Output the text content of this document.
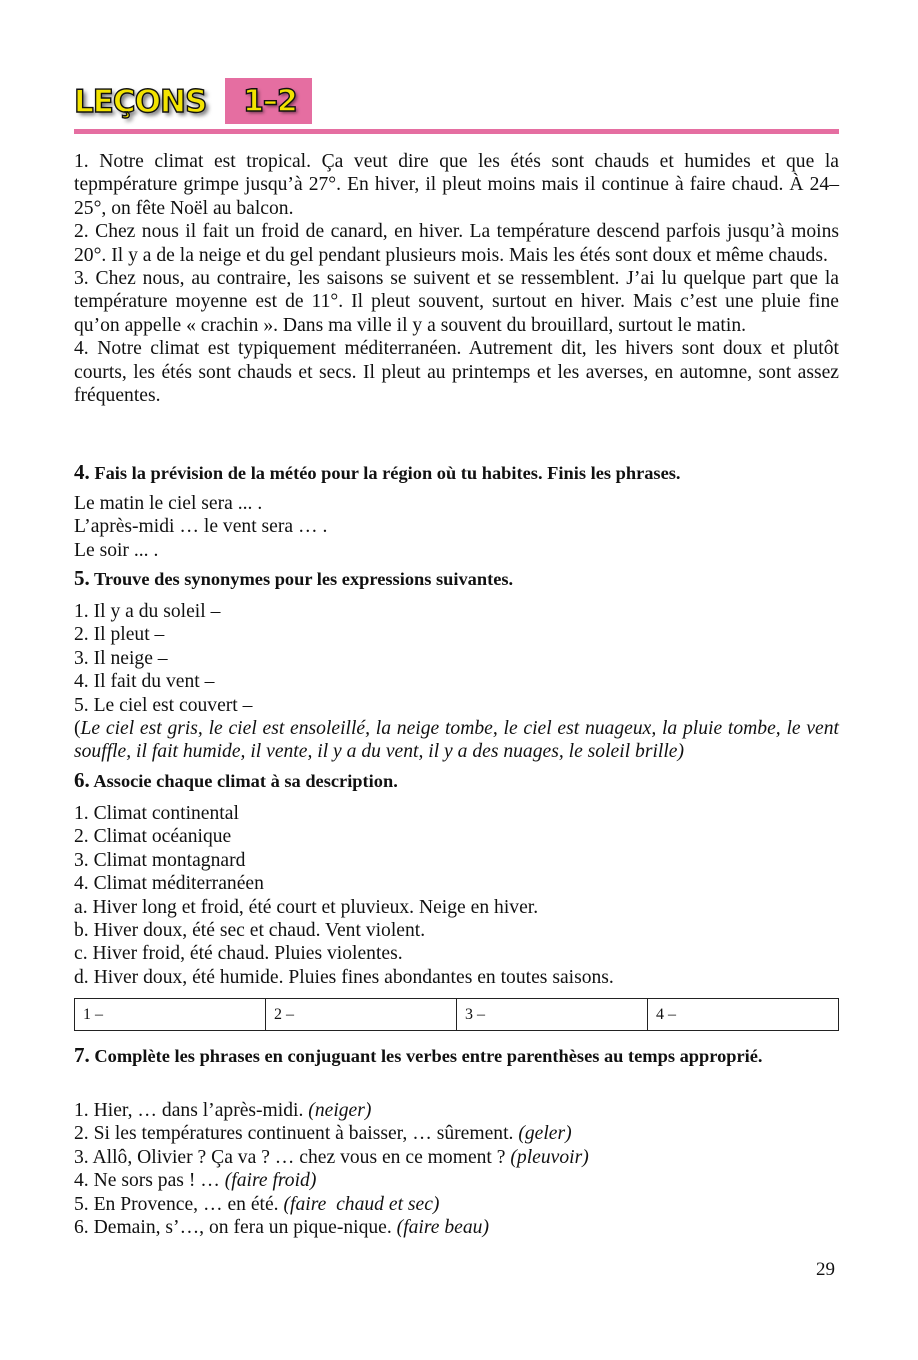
LEÇONS 1–2
1. Notre climat est tropical. Ça veut dire que les étés sont chauds et humides et que la tepmpérature grimpe jusqu’à 27°. En hiver, il pleut moins mais il continue à faire chaud. À 24–25°, on fête Noël au balcon.
2. Chez nous il fait un froid de canard, en hiver. La température descend parfois jusqu’à moins 20°. Il y a de la neige et du gel pendant plusieurs mois. Mais les étés sont doux et même chauds.
3. Chez nous, au contraire, les saisons se suivent et se ressemblent. J’ai lu quelque part que la température moyenne est de 11°. Il pleut souvent, surtout en hiver. Mais c’est une pluie fine qu’on appelle « crachin ». Dans ma ville il y a souvent du brouillard, surtout le matin.
4. Notre climat est typiquement méditerranéen. Autrement dit, les hivers sont doux et plutôt courts, les étés sont chauds et secs. Il pleut au printemps et les averses, en automne, sont assez fréquentes.
4. Fais la prévision de la météo pour la région où tu habites. Finis les phrases.
Le matin le ciel sera ... .
L’après-midi … le vent sera … .
Le soir ... .
5. Trouve des synonymes pour les expressions suivantes.
1. Il y a du soleil –
2. Il pleut –
3. Il neige –
4. Il fait du vent –
5. Le ciel est couvert –
(Le ciel est gris, le ciel est ensoleillé, la neige tombe, le ciel est nuageux, la pluie tombe, le vent souffle, il fait humide, il vente, il y a du vent, il y a des nuages, le soleil brille)
6. Associe chaque climat à sa description.
1. Climat continental
2. Climat océanique
3. Climat montagnard
4. Climat méditerranéen
a. Hiver long et froid, été court et pluvieux. Neige en hiver.
b. Hiver doux, été sec et chaud. Vent violent.
c. Hiver froid, été chaud. Pluies violentes.
d. Hiver doux, été humide. Pluies fines abondantes en toutes saisons.
1 –	2 –	3 –	4 –
7. Complète les phrases en conjuguant les verbes entre parenthèses au temps approprié.
1. Hier, … dans l’après-midi. (neiger)
2. Si les températures continuent à baisser, … sûrement. (geler)
3. Allô, Olivier ? Ça va ? … chez vous en ce moment ? (pleuvoir)
4. Ne sors pas ! … (faire froid)
5. En Provence, … en été. (faire  chaud et sec)
6. Demain, s’…, on fera un pique-nique. (faire beau)
29
